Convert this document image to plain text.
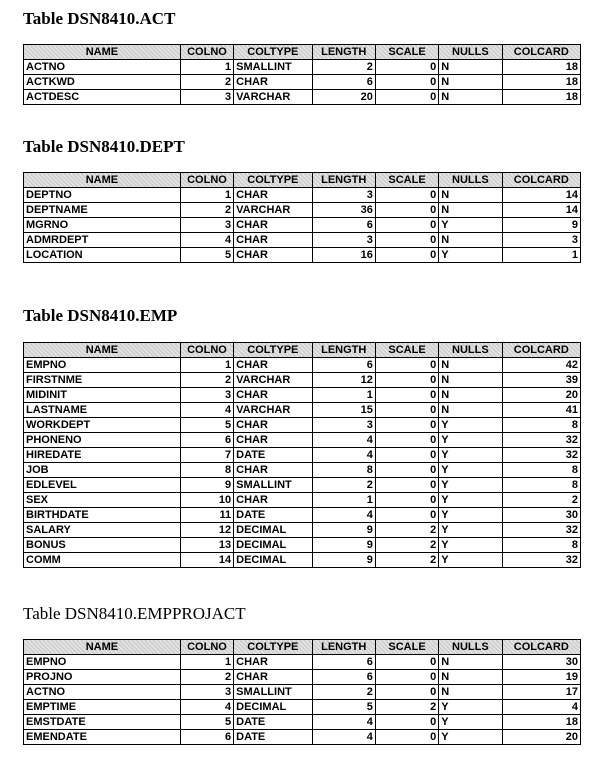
Table DSN8410.ACT
NAME	COLNO	COLTYPE	LENGTH	SCALE	NULLS	COLCARD
ACTNO	1	SMALLINT	2	0	N	18
ACTKWD	2	CHAR	6	0	N	18
ACTDESC	3	VARCHAR	20	0	N	18
Table DSN8410.DEPT
NAME	COLNO	COLTYPE	LENGTH	SCALE	NULLS	COLCARD
DEPTNO	1	CHAR	3	0	N	14
DEPTNAME	2	VARCHAR	36	0	N	14
MGRNO	3	CHAR	6	0	Y	9
ADMRDEPT	4	CHAR	3	0	N	3
LOCATION	5	CHAR	16	0	Y	1
Table DSN8410.EMP
NAME	COLNO	COLTYPE	LENGTH	SCALE	NULLS	COLCARD
EMPNO	1	CHAR	6	0	N	42
FIRSTNME	2	VARCHAR	12	0	N	39
MIDINIT	3	CHAR	1	0	N	20
LASTNAME	4	VARCHAR	15	0	N	41
WORKDEPT	5	CHAR	3	0	Y	8
PHONENO	6	CHAR	4	0	Y	32
HIREDATE	7	DATE	4	0	Y	32
JOB	8	CHAR	8	0	Y	8
EDLEVEL	9	SMALLINT	2	0	Y	8
SEX	10	CHAR	1	0	Y	2
BIRTHDATE	11	DATE	4	0	Y	30
SALARY	12	DECIMAL	9	2	Y	32
BONUS	13	DECIMAL	9	2	Y	8
COMM	14	DECIMAL	9	2	Y	32
Table DSN8410.EMPPROJACT
NAME	COLNO	COLTYPE	LENGTH	SCALE	NULLS	COLCARD
EMPNO	1	CHAR	6	0	N	30
PROJNO	2	CHAR	6	0	N	19
ACTNO	3	SMALLINT	2	0	N	17
EMPTIME	4	DECIMAL	5	2	Y	4
EMSTDATE	5	DATE	4	0	Y	18
EMENDATE	6	DATE	4	0	Y	20
